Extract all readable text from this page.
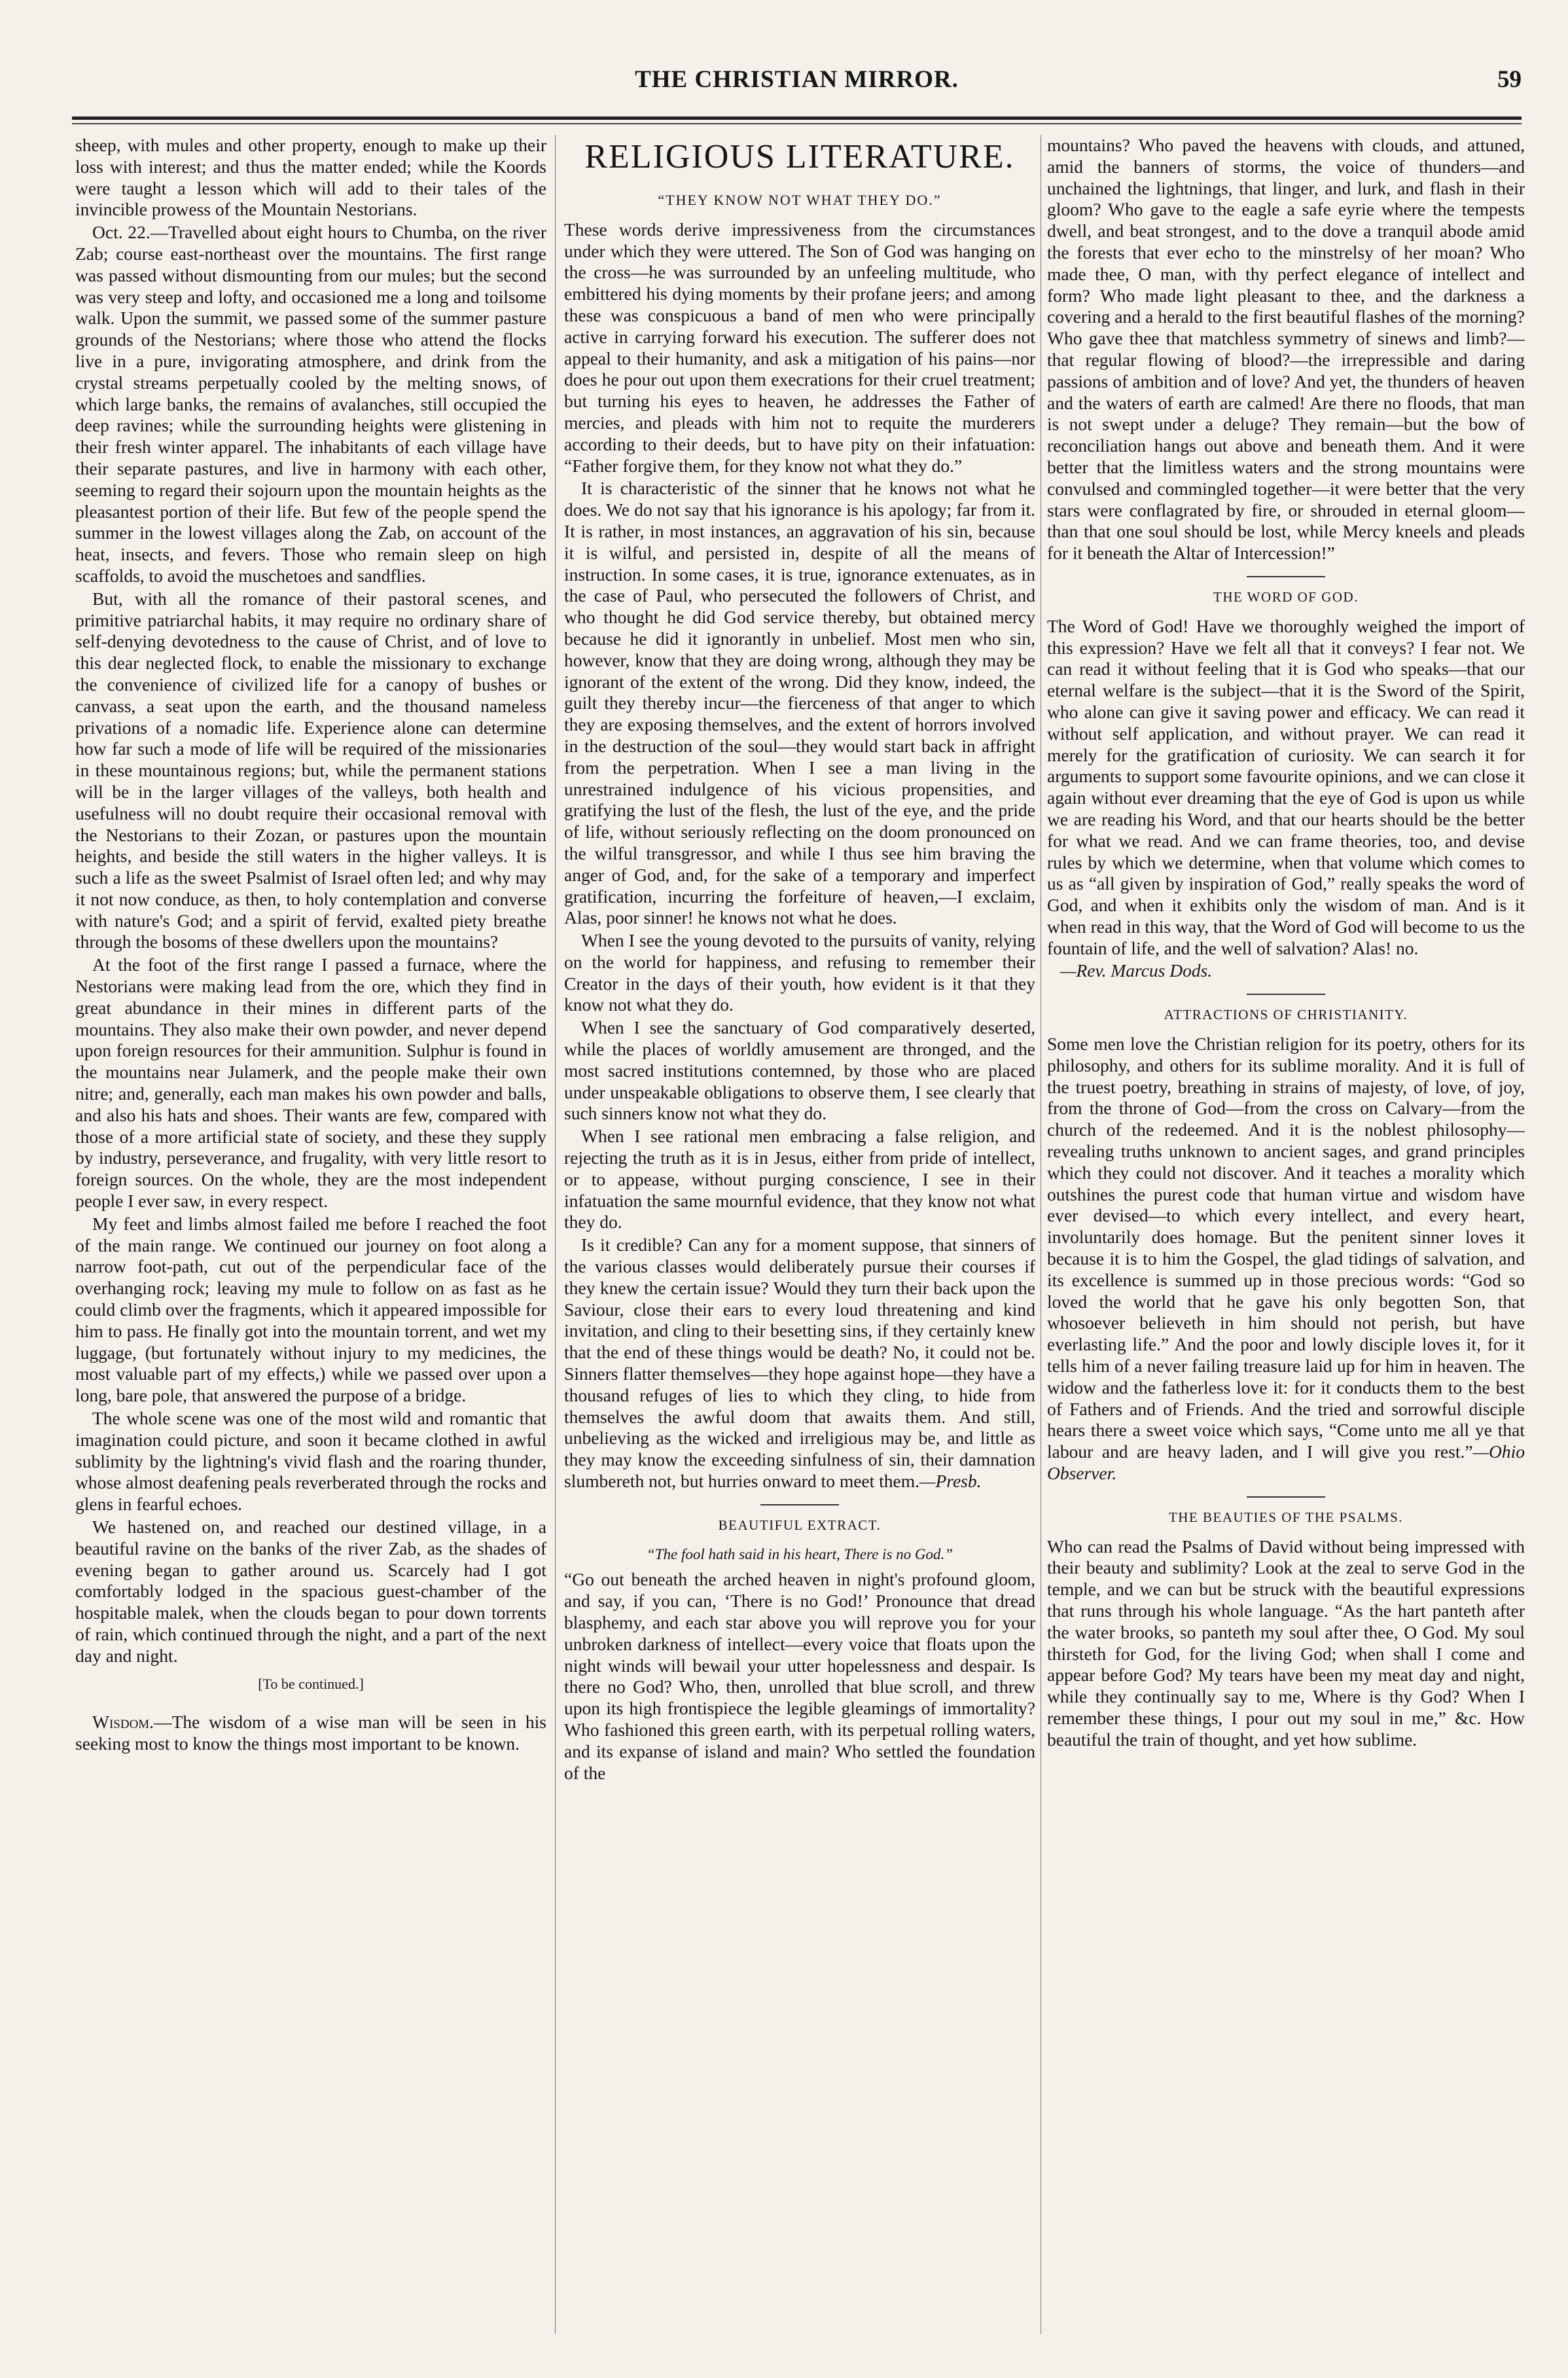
THE CHRISTIAN MIRROR.	59

sheep, with mules and other property, enough to make up their loss with interest; and thus the matter ended; while the Koords were taught a lesson which will add to their tales of the invincible prowess of the Mountain Nestorians.

Oct. 22.—Travelled about eight hours to Chumba, on the river Zab; course east-northeast over the mountains. The first range was passed without dismounting from our mules; but the second was very steep and lofty, and occasioned me a long and toilsome walk. Upon the summit, we passed some of the summer pasture grounds of the Nestorians; where those who attend the flocks live in a pure, invigorating atmosphere, and drink from the crystal streams perpetually cooled by the melting snows, of which large banks, the remains of avalanches, still occupied the deep ravines; while the surrounding heights were glistening in their fresh winter apparel. The inhabitants of each village have their separate pastures, and live in harmony with each other, seeming to regard their sojourn upon the mountain heights as the pleasantest portion of their life. But few of the people spend the summer in the lowest villages along the Zab, on account of the heat, insects, and fevers. Those who remain sleep on high scaffolds, to avoid the muschetoes and sandflies.

But, with all the romance of their pastoral scenes, and primitive patriarchal habits, it may require no ordinary share of self-denying devotedness to the cause of Christ, and of love to this dear neglected flock, to enable the missionary to exchange the convenience of civilized life for a canopy of bushes or canvass, a seat upon the earth, and the thousand nameless privations of a nomadic life. Experience alone can determine how far such a mode of life will be required of the missionaries in these mountainous regions; but, while the permanent stations will be in the larger villages of the valleys, both health and usefulness will no doubt require their occasional removal with the Nestorians to their Zozan, or pastures upon the mountain heights, and beside the still waters in the higher valleys. It is such a life as the sweet Psalmist of Israel often led; and why may it not now conduce, as then, to holy contemplation and converse with nature's God; and a spirit of fervid, exalted piety breathe through the bosoms of these dwellers upon the mountains?

At the foot of the first range I passed a furnace, where the Nestorians were making lead from the ore, which they find in great abundance in their mines in different parts of the mountains. They also make their own powder, and never depend upon foreign resources for their ammunition. Sulphur is found in the mountains near Julamerk, and the people make their own nitre; and, generally, each man makes his own powder and balls, and also his hats and shoes. Their wants are few, compared with those of a more artificial state of society, and these they supply by industry, perseverance, and frugality, with very little resort to foreign sources. On the whole, they are the most independent people I ever saw, in every respect.

My feet and limbs almost failed me before I reached the foot of the main range. We continued our journey on foot along a narrow foot-path, cut out of the perpendicular face of the overhanging rock; leaving my mule to follow on as fast as he could climb over the fragments, which it appeared impossible for him to pass. He finally got into the mountain torrent, and wet my luggage, (but fortunately without injury to my medicines, the most valuable part of my effects,) while we passed over upon a long, bare pole, that answered the purpose of a bridge.

The whole scene was one of the most wild and romantic that imagination could picture, and soon it became clothed in awful sublimity by the lightning's vivid flash and the roaring thunder, whose almost deafening peals reverberated through the rocks and glens in fearful echoes.

We hastened on, and reached our destined village, in a beautiful ravine on the banks of the river Zab, as the shades of evening began to gather around us. Scarcely had I got comfortably lodged in the spacious guest-chamber of the hospitable malek, when the clouds began to pour down torrents of rain, which continued through the night, and a part of the next day and night.

[To be continued.]

Wisdom.—The wisdom of a wise man will be seen in his seeking most to know the things most important to be known.

RELIGIOUS LITERATURE.
“THEY KNOW NOT WHAT THEY DO.”

These words derive impressiveness from the circumstances under which they were uttered. The Son of God was hanging on the cross—he was surrounded by an unfeeling multitude, who embittered his dying moments by their profane jeers; and among these was conspicuous a band of men who were principally active in carrying forward his execution. The sufferer does not appeal to their humanity, and ask a mitigation of his pains—nor does he pour out upon them execrations for their cruel treatment; but turning his eyes to heaven, he addresses the Father of mercies, and pleads with him not to requite the murderers according to their deeds, but to have pity on their infatuation: “Father forgive them, for they know not what they do.”

It is characteristic of the sinner that he knows not what he does. We do not say that his ignorance is his apology; far from it. It is rather, in most instances, an aggravation of his sin, because it is wilful, and persisted in, despite of all the means of instruction. In some cases, it is true, ignorance extenuates, as in the case of Paul, who persecuted the followers of Christ, and who thought he did God service thereby, but obtained mercy because he did it ignorantly in unbelief. Most men who sin, however, know that they are doing wrong, although they may be ignorant of the extent of the wrong. Did they know, indeed, the guilt they thereby incur—the fierceness of that anger to which they are exposing themselves, and the extent of horrors involved in the destruction of the soul—they would start back in affright from the perpetration. When I see a man living in the unrestrained indulgence of his vicious propensities, and gratifying the lust of the flesh, the lust of the eye, and the pride of life, without seriously reflecting on the doom pronounced on the wilful transgressor, and while I thus see him braving the anger of God, and, for the sake of a temporary and imperfect gratification, incurring the forfeiture of heaven,—I exclaim, Alas, poor sinner! he knows not what he does.

When I see the young devoted to the pursuits of vanity, relying on the world for happiness, and refusing to remember their Creator in the days of their youth, how evident is it that they know not what they do.

When I see the sanctuary of God comparatively deserted, while the places of worldly amusement are thronged, and the most sacred institutions contemned, by those who are placed under unspeakable obligations to observe them, I see clearly that such sinners know not what they do.

When I see rational men embracing a false religion, and rejecting the truth as it is in Jesus, either from pride of intellect, or to appease, without purging conscience, I see in their infatuation the same mournful evidence, that they know not what they do.

Is it credible? Can any for a moment suppose, that sinners of the various classes would deliberately pursue their courses if they knew the certain issue? Would they turn their back upon the Saviour, close their ears to every loud threatening and kind invitation, and cling to their besetting sins, if they certainly knew that the end of these things would be death? No, it could not be. Sinners flatter themselves—they hope against hope—they have a thousand refuges of lies to which they cling, to hide from themselves the awful doom that awaits them. And still, unbelieving as the wicked and irreligious may be, and little as they may know the exceeding sinfulness of sin, their damnation slumbereth not, but hurries onward to meet them.—Presb.

BEAUTIFUL EXTRACT.
“The fool hath said in his heart, There is no God.”

“Go out beneath the arched heaven in night's profound gloom, and say, if you can, ‘There is no God!’ Pronounce that dread blasphemy, and each star above you will reprove you for your unbroken darkness of intellect—every voice that floats upon the night winds will bewail your utter hopelessness and despair. Is there no God? Who, then, unrolled that blue scroll, and threw upon its high frontispiece the legible gleamings of immortality? Who fashioned this green earth, with its perpetual rolling waters, and its expanse of island and main? Who settled the foundation of the

mountains? Who paved the heavens with clouds, and attuned, amid the banners of storms, the voice of thunders—and unchained the lightnings, that linger, and lurk, and flash in their gloom? Who gave to the eagle a safe eyrie where the tempests dwell, and beat strongest, and to the dove a tranquil abode amid the forests that ever echo to the minstrelsy of her moan? Who made thee, O man, with thy perfect elegance of intellect and form? Who made light pleasant to thee, and the darkness a covering and a herald to the first beautiful flashes of the morning? Who gave thee that matchless symmetry of sinews and limb?—that regular flowing of blood?—the irrepressible and daring passions of ambition and of love? And yet, the thunders of heaven and the waters of earth are calmed! Are there no floods, that man is not swept under a deluge? They remain—but the bow of reconciliation hangs out above and beneath them. And it were better that the limitless waters and the strong mountains were convulsed and commingled together—it were better that the very stars were conflagrated by fire, or shrouded in eternal gloom—than that one soul should be lost, while Mercy kneels and pleads for it beneath the Altar of Intercession!”

THE WORD OF GOD.

The Word of God! Have we thoroughly weighed the import of this expression? Have we felt all that it conveys? I fear not. We can read it without feeling that it is God who speaks—that our eternal welfare is the subject—that it is the Sword of the Spirit, who alone can give it saving power and efficacy. We can read it without self application, and without prayer. We can read it merely for the gratification of curiosity. We can search it for arguments to support some favourite opinions, and we can close it again without ever dreaming that the eye of God is upon us while we are reading his Word, and that our hearts should be the better for what we read. And we can frame theories, too, and devise rules by which we determine, when that volume which comes to us as “all given by inspiration of God,” really speaks the word of God, and when it exhibits only the wisdom of man. And is it when read in this way, that the Word of God will become to us the fountain of life, and the well of salvation? Alas! no.

—Rev. Marcus Dods.

ATTRACTIONS OF CHRISTIANITY.

Some men love the Christian religion for its poetry, others for its philosophy, and others for its sublime morality. And it is full of the truest poetry, breathing in strains of majesty, of love, of joy, from the throne of God—from the cross on Calvary—from the church of the redeemed. And it is the noblest philosophy—revealing truths unknown to ancient sages, and grand principles which they could not discover. And it teaches a morality which outshines the purest code that human virtue and wisdom have ever devised—to which every intellect, and every heart, involuntarily does homage. But the penitent sinner loves it because it is to him the Gospel, the glad tidings of salvation, and its excellence is summed up in those precious words: “God so loved the world that he gave his only begotten Son, that whosoever believeth in him should not perish, but have everlasting life.” And the poor and lowly disciple loves it, for it tells him of a never failing treasure laid up for him in heaven. The widow and the fatherless love it: for it conducts them to the best of Fathers and of Friends. And the tried and sorrowful disciple hears there a sweet voice which says, “Come unto me all ye that labour and are heavy laden, and I will give you rest.”—Ohio Observer.

THE BEAUTIES OF THE PSALMS.

Who can read the Psalms of David without being impressed with their beauty and sublimity? Look at the zeal to serve God in the temple, and we can but be struck with the beautiful expressions that runs through his whole language. “As the hart panteth after the water brooks, so panteth my soul after thee, O God. My soul thirsteth for God, for the living God; when shall I come and appear before God? My tears have been my meat day and night, while they continually say to me, Where is thy God? When I remember these things, I pour out my soul in me,” &c. How beautiful the train of thought, and yet how sublime.
